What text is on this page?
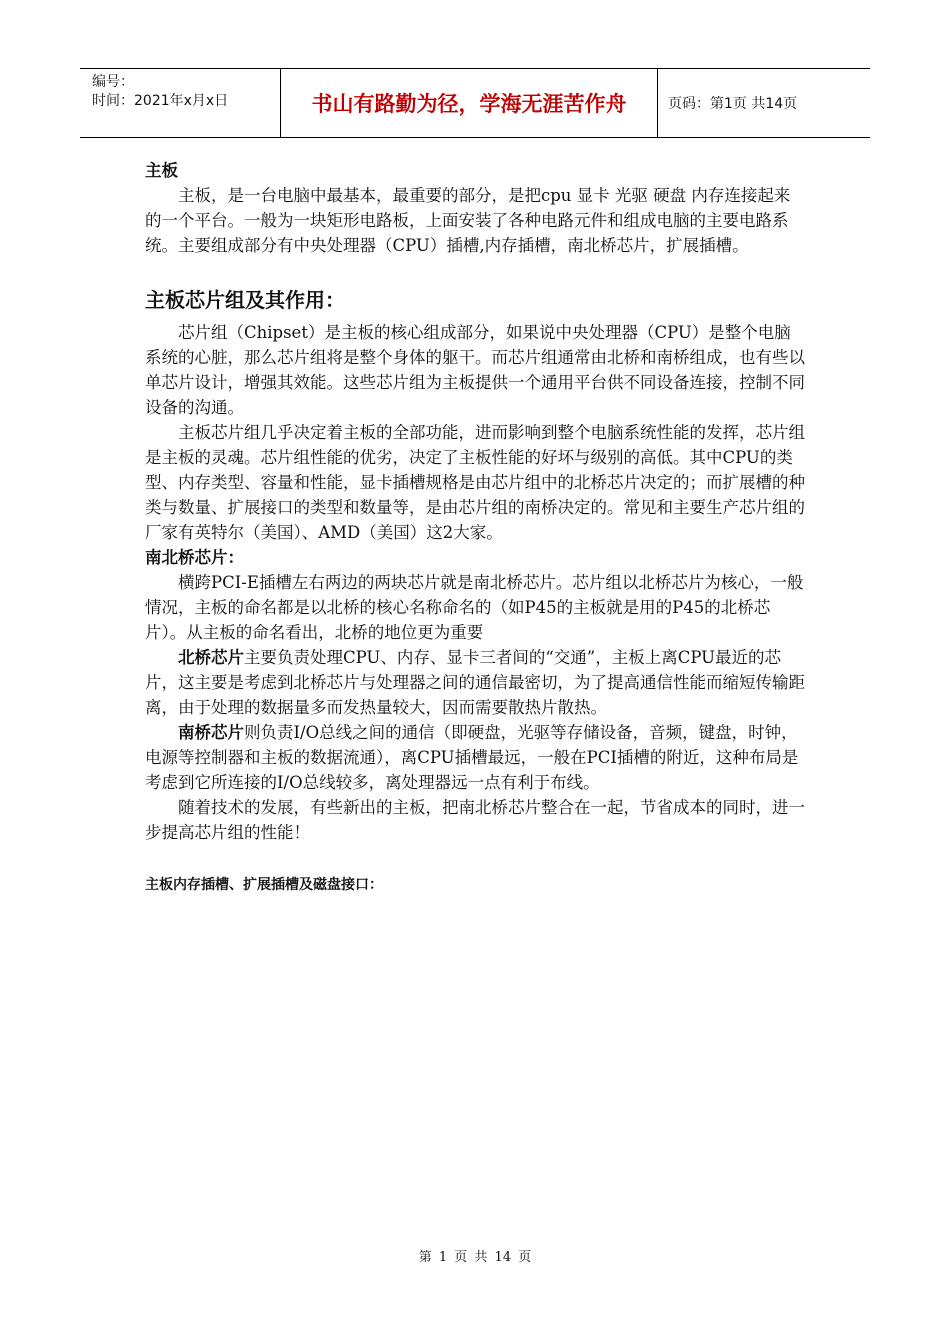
编号：
时间：2021年x月x日	书山有路勤为径，学海无涯苦作舟	页码：第1页 共14页
主板

主板，是一台电脑中最基本，最重要的部分，是把cpu 显卡 光驱 硬盘 内存连接起来的一个平台。一般为一块矩形电路板，上面安装了各种电路元件和组成电脑的主要电路系统。主要组成部分有中央处理器（CPU）插槽,内存插槽，南北桥芯片，扩展插槽。

主板芯片组及其作用：

芯片组（Chipset）是主板的核心组成部分，如果说中央处理器（CPU）是整个电脑系统的心脏，那么芯片组将是整个身体的躯干。而芯片组通常由北桥和南桥组成，也有些以单芯片设计，增强其效能。这些芯片组为主板提供一个通用平台供不同设备连接，控制不同设备的沟通。

主板芯片组几乎决定着主板的全部功能，进而影响到整个电脑系统性能的发挥，芯片组是主板的灵魂。芯片组性能的优劣，决定了主板性能的好坏与级别的高低。其中CPU的类型、内存类型、容量和性能，显卡插槽规格是由芯片组中的北桥芯片决定的；而扩展槽的种类与数量、扩展接口的类型和数量等，是由芯片组的南桥决定的。常见和主要生产芯片组的厂家有英特尔（美国）、AMD（美国）这2大家。

南北桥芯片：

横跨PCI-E插槽左右两边的两块芯片就是南北桥芯片。芯片组以北桥芯片为核心，一般情况，主板的命名都是以北桥的核心名称命名的（如P45的主板就是用的P45的北桥芯片）。从主板的命名看出，北桥的地位更为重要

北桥芯片主要负责处理CPU、内存、显卡三者间的“交通”，主板上离CPU最近的芯片，这主要是考虑到北桥芯片与处理器之间的通信最密切，为了提高通信性能而缩短传输距离，由于处理的数据量多而发热量较大，因而需要散热片散热。

南桥芯片则负责I/O总线之间的通信（即硬盘，光驱等存储设备，音频，键盘，时钟，电源等控制器和主板的数据流通），离CPU插槽最远，一般在PCI插槽的附近，这种布局是考虑到它所连接的I/O总线较多，离处理器远一点有利于布线。

随着技术的发展，有些新出的主板，把南北桥芯片整合在一起，节省成本的同时，进一步提高芯片组的性能！

主板内存插槽、扩展插槽及磁盘接口：
第 1 页 共 14 页
